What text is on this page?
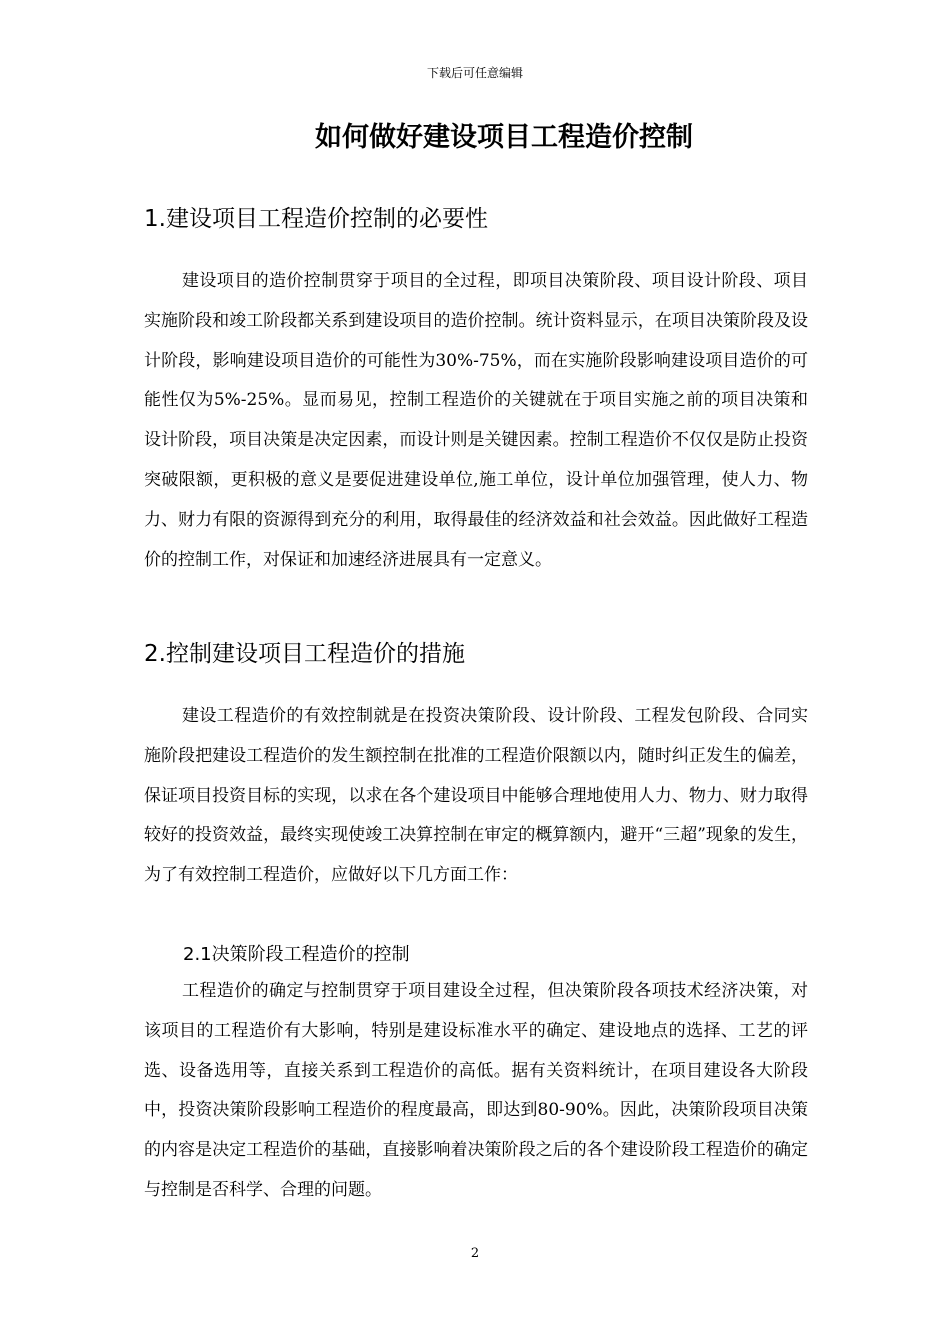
下载后可任意编辑
如何做好建设项目工程造价控制
1.建设项目工程造价控制的必要性

建设项目的造价控制贯穿于项目的全过程，即项目决策阶段、项目设计阶段、项目实施阶段和竣工阶段都关系到建设项目的造价控制。统计资料显示，在项目决策阶段及设计阶段，影响建设项目造价的可能性为30%-75%，而在实施阶段影响建设项目造价的可能性仅为5%-25%。显而易见，控制工程造价的关键就在于项目实施之前的项目决策和设计阶段，项目决策是决定因素，而设计则是关键因素。控制工程造价不仅仅是防止投资突破限额，更积极的意义是要促进建设单位,施工单位，设计单位加强管理，使人力、物力、财力有限的资源得到充分的利用，取得最佳的经济效益和社会效益。因此做好工程造价的控制工作，对保证和加速经济进展具有一定意义。

2.控制建设项目工程造价的措施

建设工程造价的有效控制就是在投资决策阶段、设计阶段、工程发包阶段、合同实施阶段把建设工程造价的发生额控制在批准的工程造价限额以内，随时纠正发生的偏差，保证项目投资目标的实现，以求在各个建设项目中能够合理地使用人力、物力、财力取得较好的投资效益，最终实现使竣工决算控制在审定的概算额内，避开“三超”现象的发生，为了有效控制工程造价，应做好以下几方面工作：

2.1决策阶段工程造价的控制

工程造价的确定与控制贯穿于项目建设全过程，但决策阶段各项技术经济决策，对该项目的工程造价有大影响，特别是建设标准水平的确定、建设地点的选择、工艺的评选、设备选用等，直接关系到工程造价的高低。据有关资料统计，在项目建设各大阶段中，投资决策阶段影响工程造价的程度最高，即达到80-90%。因此，决策阶段项目决策的内容是决定工程造价的基础，直接影响着决策阶段之后的各个建设阶段工程造价的确定与控制是否科学、合理的问题。

2
